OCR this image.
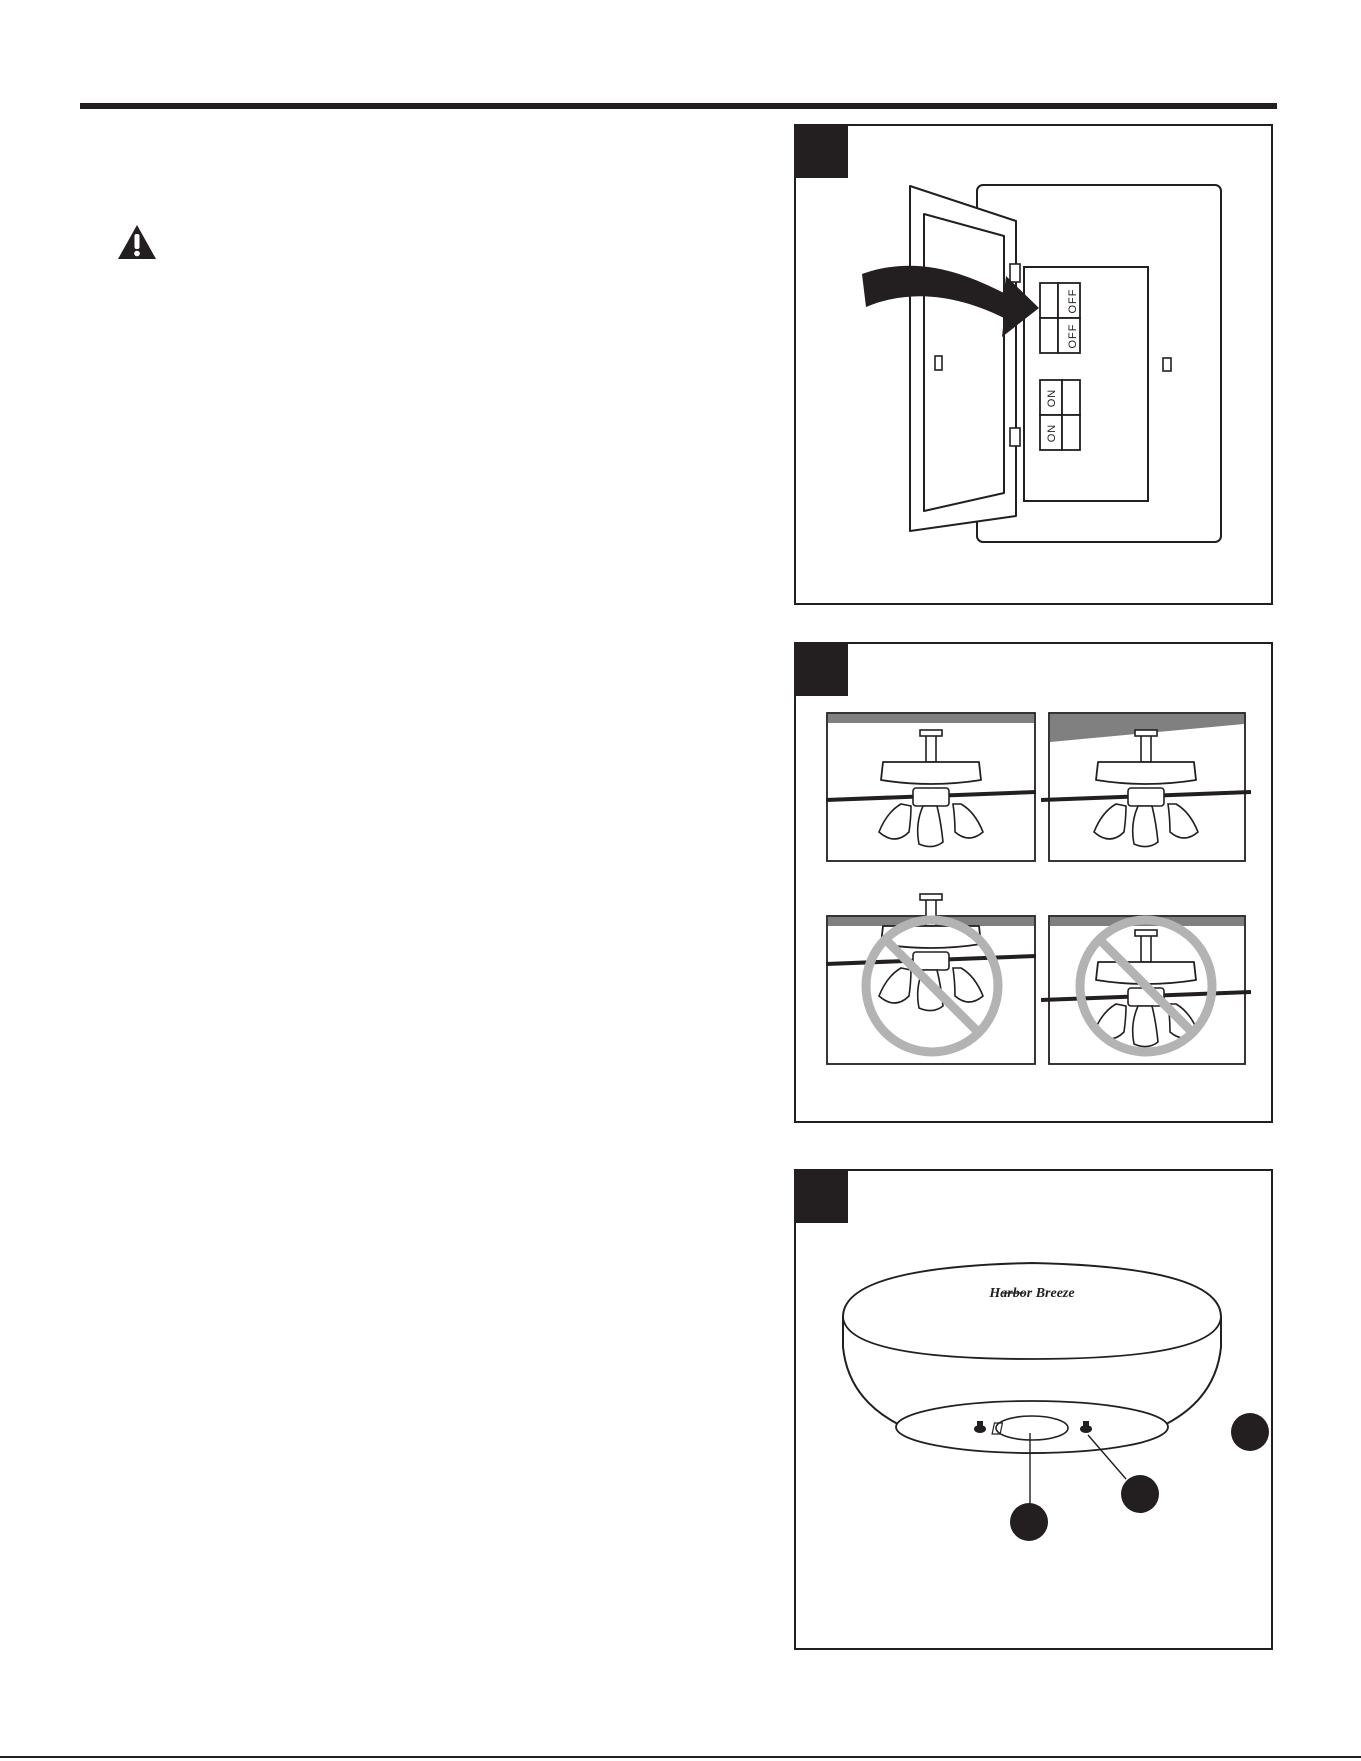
OFF
OFF
ON
ON
Harbor Breeze
